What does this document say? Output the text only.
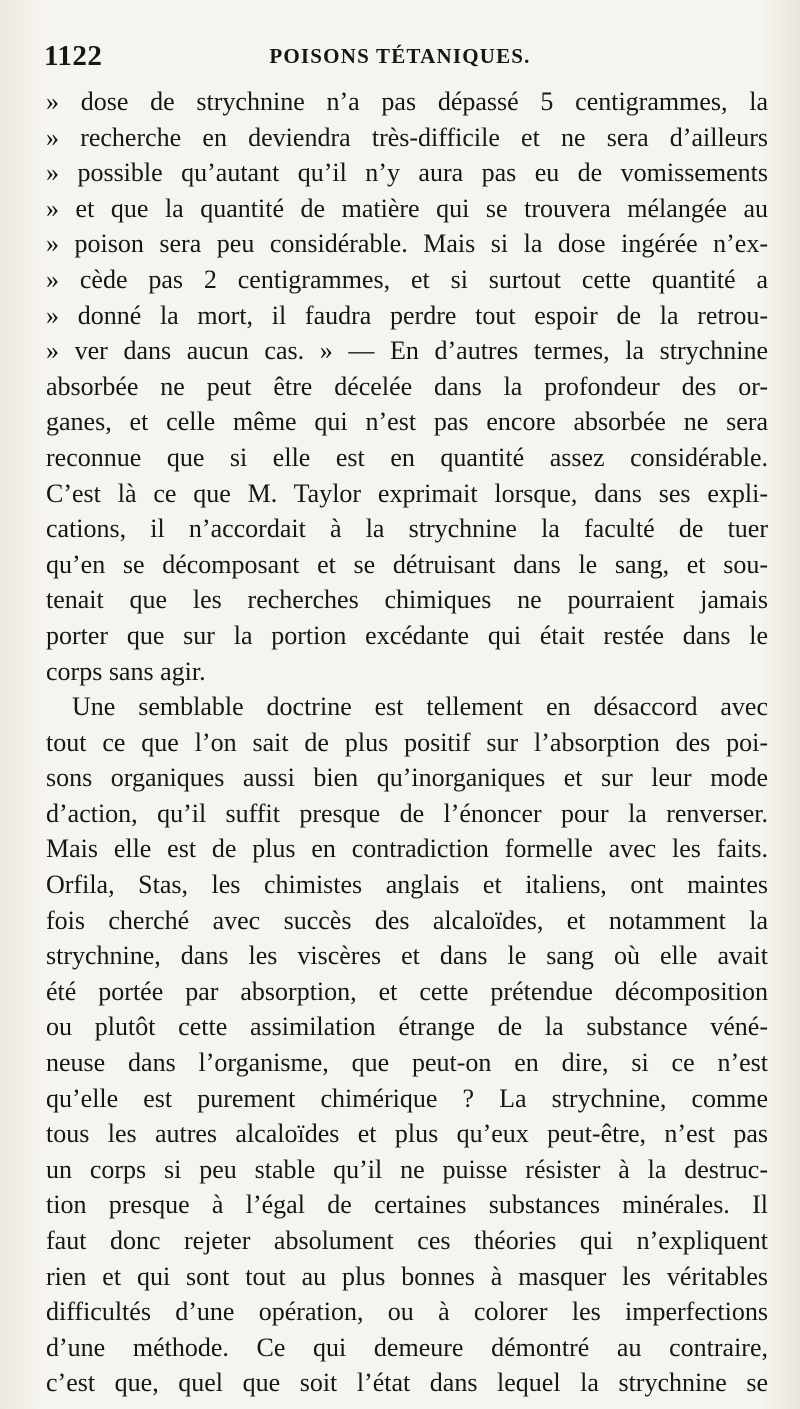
1122	POISONS TÉTANIQUES.
» dose de strychnine n’a pas dépassé 5 centigrammes, la
» recherche en deviendra très-difficile et ne sera d’ailleurs
» possible qu’autant qu’il n’y aura pas eu de vomissements
» et que la quantité de matière qui se trouvera mélangée au
» poison sera peu considérable. Mais si la dose ingérée n’ex-
» cède pas 2 centigrammes, et si surtout cette quantité a
» donné la mort, il faudra perdre tout espoir de la retrou-
» ver dans aucun cas. » — En d’autres termes, la strychnine
absorbée ne peut être décelée dans la profondeur des or-
ganes, et celle même qui n’est pas encore absorbée ne sera
reconnue que si elle est en quantité assez considérable.
C’est là ce que M. Taylor exprimait lorsque, dans ses expli-
cations, il n’accordait à la strychnine la faculté de tuer
qu’en se décomposant et se détruisant dans le sang, et sou-
tenait que les recherches chimiques ne pourraient jamais
porter que sur la portion excédante qui était restée dans le
corps sans agir.
Une semblable doctrine est tellement en désaccord avec
tout ce que l’on sait de plus positif sur l’absorption des poi-
sons organiques aussi bien qu’inorganiques et sur leur mode
d’action, qu’il suffit presque de l’énoncer pour la renverser.
Mais elle est de plus en contradiction formelle avec les faits.
Orfila, Stas, les chimistes anglais et italiens, ont maintes
fois cherché avec succès des alcaloïdes, et notamment la
strychnine, dans les viscères et dans le sang où elle avait
été portée par absorption, et cette prétendue décomposition
ou plutôt cette assimilation étrange de la substance véné-
neuse dans l’organisme, que peut-on en dire, si ce n’est
qu’elle est purement chimérique ? La strychnine, comme
tous les autres alcaloïdes et plus qu’eux peut-être, n’est pas
un corps si peu stable qu’il ne puisse résister à la destruc-
tion presque à l’égal de certaines substances minérales. Il
faut donc rejeter absolument ces théories qui n’expliquent
rien et qui sont tout au plus bonnes à masquer les véritables
difficultés d’une opération, ou à colorer les imperfections
d’une méthode. Ce qui demeure démontré au contraire,
c’est que, quel que soit l’état dans lequel la strychnine se
